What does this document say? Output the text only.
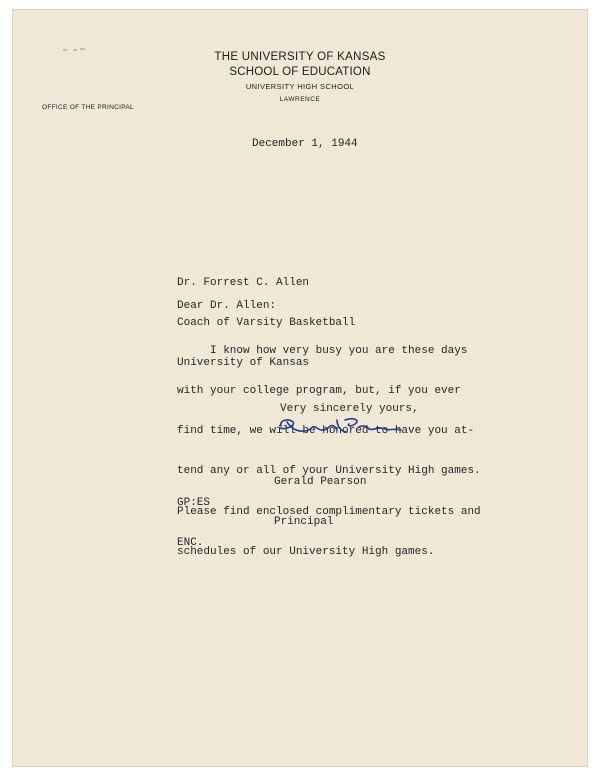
THE UNIVERSITY OF KANSAS
SCHOOL OF EDUCATION
UNIVERSITY HIGH SCHOOL
LAWRENCE
OFFICE OF THE PRINCIPAL
December 1, 1944

Dr. Forrest C. Allen

Coach of Varsity Basketball

University of Kansas

Dear Dr. Allen:

I know how very busy you are these days

with your college program, but, if you ever

find time, we will be honored to have you at-

tend any or all of your University High games.

Please find enclosed complimentary tickets and

schedules of our University High games.

Very sincerely yours,

Gerald Pearson

Principal

GP:ES

ENC.
